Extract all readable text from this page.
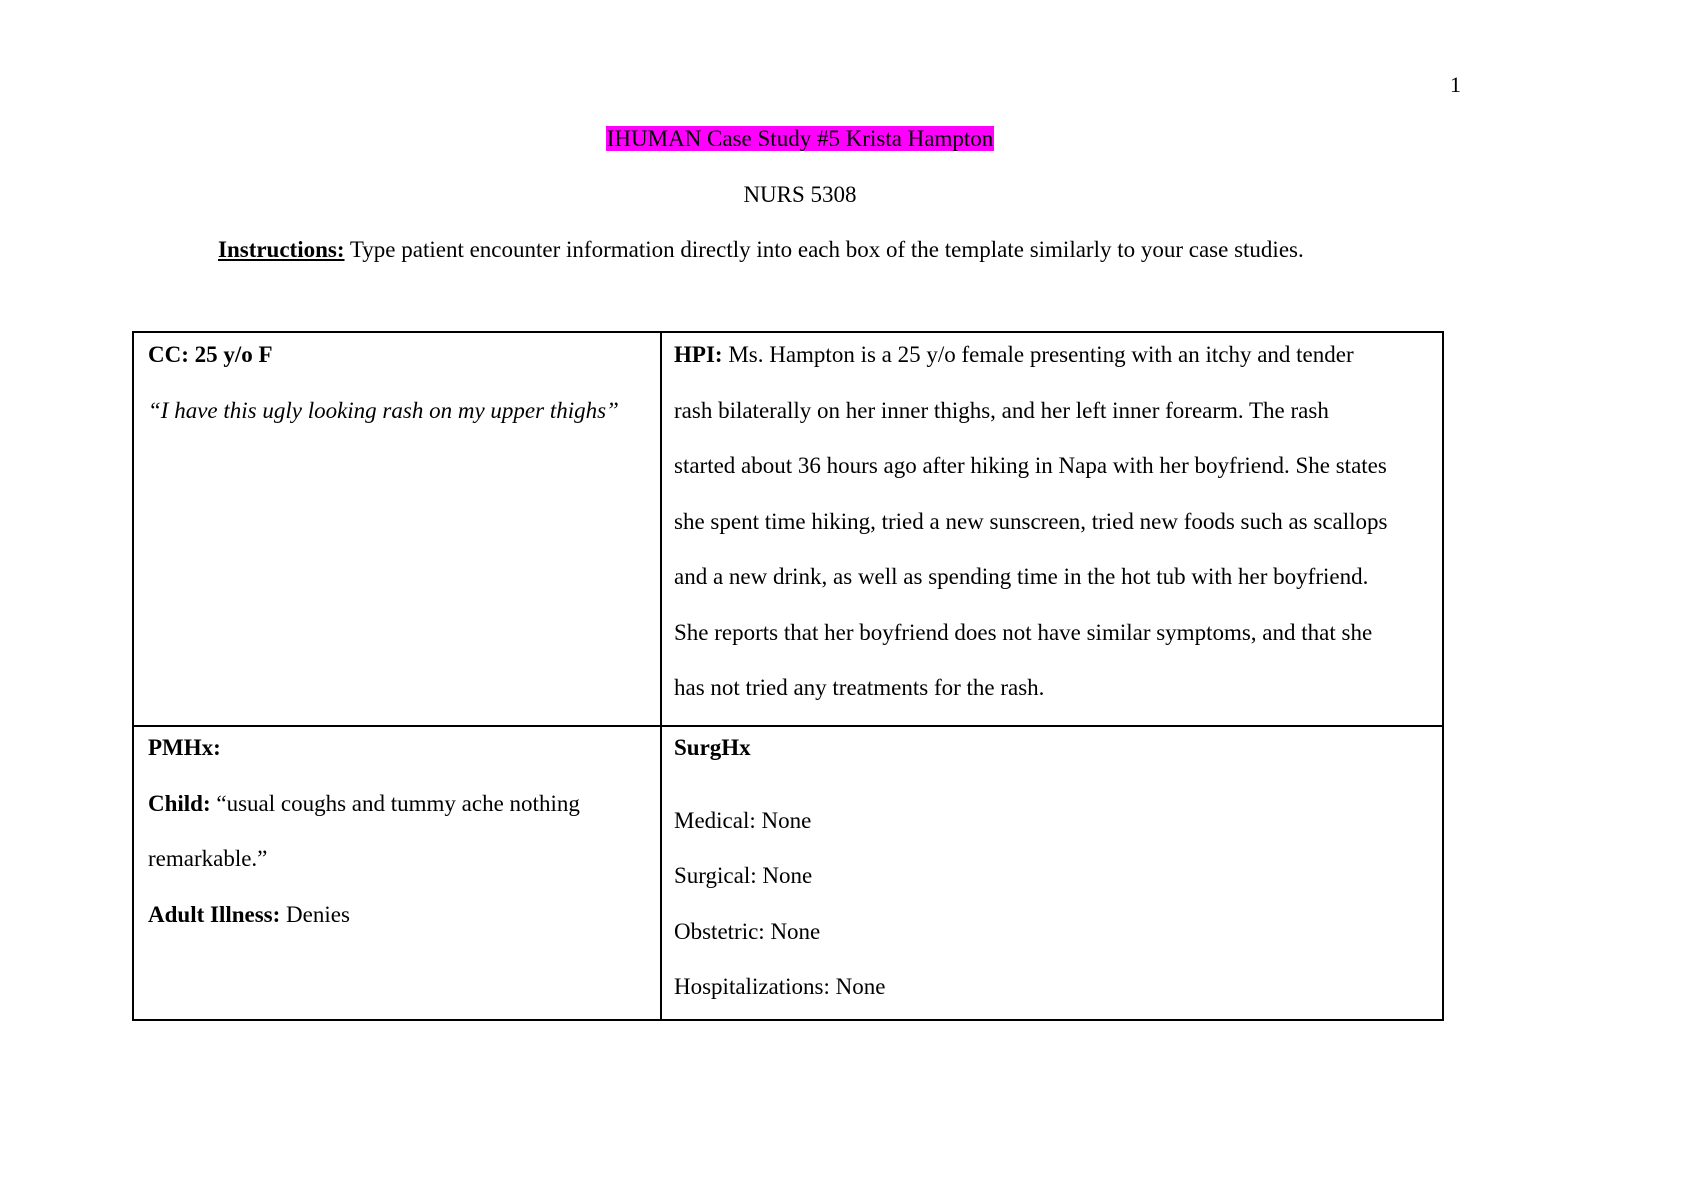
1
IHUMAN Case Study #5 Krista Hampton
NURS 5308
Instructions: Type patient encounter information directly into each box of the template similarly to your case studies.

CC: 25 y/o F

“I have this ugly looking rash on my upper thighs”

HPI: Ms. Hampton is a 25 y/o female presenting with an itchy and tender

rash bilaterally on her inner thighs, and her left inner forearm. The rash

started about 36 hours ago after hiking in Napa with her boyfriend. She states

she spent time hiking, tried a new sunscreen, tried new foods such as scallops

and a new drink, as well as spending time in the hot tub with her boyfriend.

She reports that her boyfriend does not have similar symptoms, and that she

has not tried any treatments for the rash.

PMHx:

Child: “usual coughs and tummy ache nothing

remarkable.”

Adult Illness: Denies

SurgHx

Medical: None

Surgical: None

Obstetric: None

Hospitalizations: None
